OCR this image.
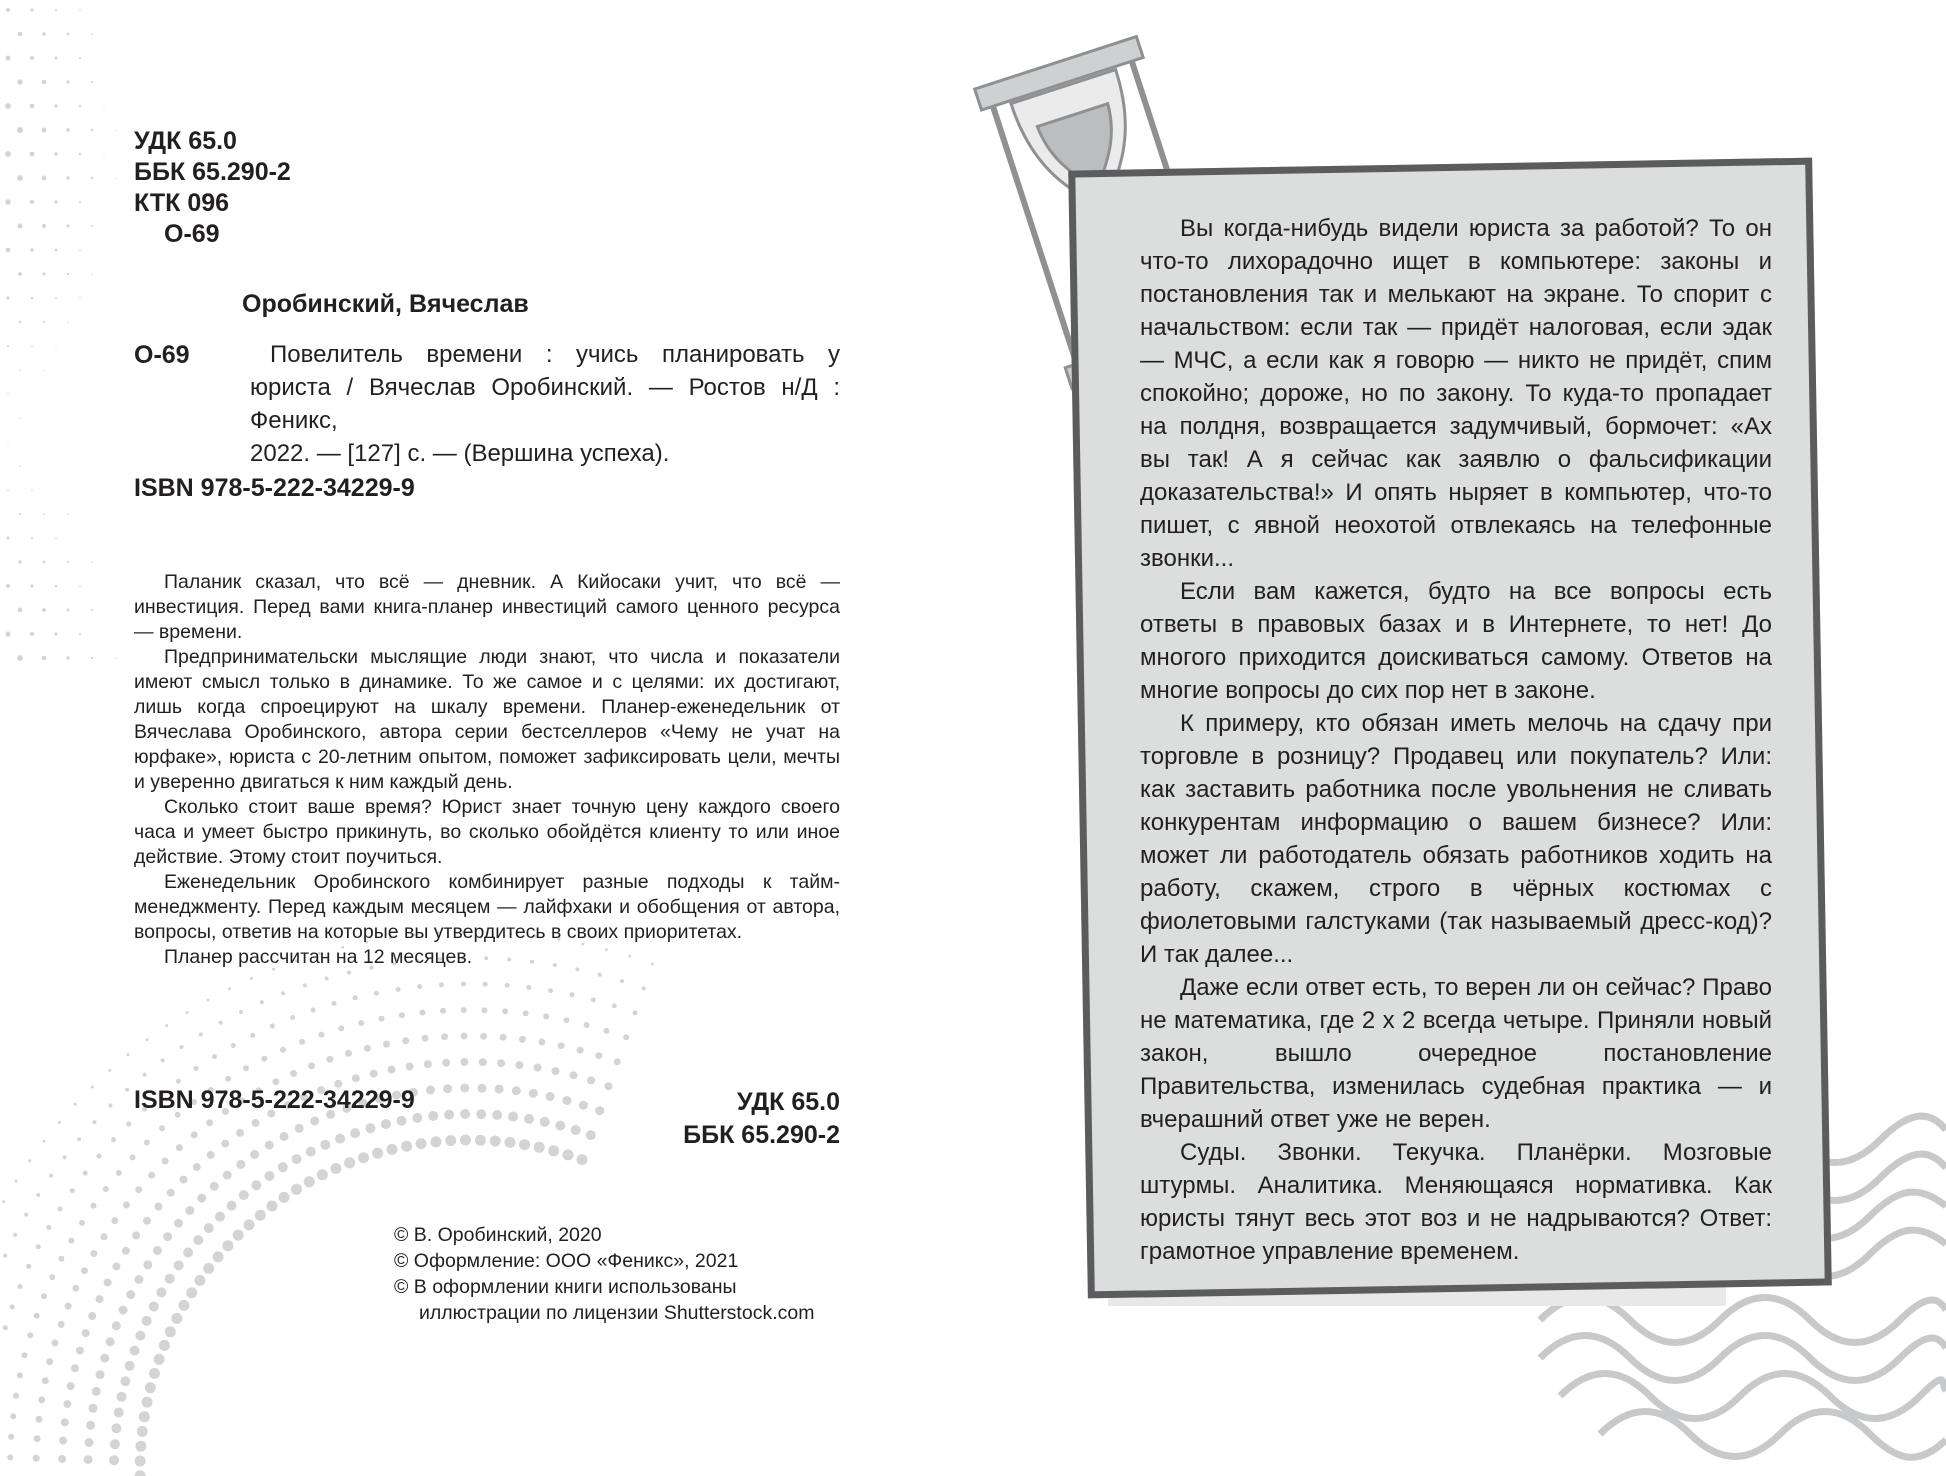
УДК 65.0
ББК 65.290-2
КТК 096
О-69
Оробинский, Вячеслав
О-69	Повелитель времени : учись планировать у юриста / Вячеслав Оробинский. — Ростов н/Д : Феникс,

2022. — [127] с. — (Вершина успеха).

ISBN 978-5-222-34229-9

Паланик сказал, что всё — дневник. А Кийосаки учит, что всё — инвестиция. Перед вами книга-планер инвестиций самого ценного ресурса — времени.

Предпринимательски мыслящие люди знают, что числа и показатели имеют смысл только в динамике. То же самое и с целями: их достигают, лишь когда спроецируют на шкалу времени. Планер-еженедельник от Вячеслава Оробинского, автора серии бестселлеров «Чему не учат на юрфаке», юриста с 20-летним опытом, поможет зафиксировать цели, мечты и уверенно двигаться к ним каждый день.

Сколько стоит ваше время? Юрист знает точную цену каждого своего часа и умеет быстро прикинуть, во сколько обойдётся клиенту то или иное действие. Этому стоит поучиться.

Еженедельник Оробинского комбинирует разные подходы к тайм-менеджменту. Перед каждым месяцем — лайфхаки и обобщения от автора, вопросы, ответив на которые вы утвердитесь в своих приоритетах.

Планер рассчитан на 12 месяцев.

ISBN 978-5-222-34229-9	УДК 65.0
ББК 65.290-2
© В. Оробинский, 2020
© Оформление: ООО «Феникс», 2021
© В оформлении книги использованы
иллюстрации по лицензии Shutterstock.com

Вы когда-нибудь видели юриста за работой? То он что-то лихорадочно ищет в компьютере: законы и постановления так и мелькают на экране. То спорит с начальством: если так — придёт налоговая, если эдак — МЧС, а если как я говорю — никто не придёт, спим спокойно; дороже, но по закону. То куда-то пропадает на полдня, возвращается задумчивый, бормочет: «Ах вы так! А я сейчас как заявлю о фальсификации доказательства!» И опять ныряет в компьютер, что-то пишет, с явной неохотой отвлекаясь на телефонные звонки...

Если вам кажется, будто на все вопросы есть ответы в правовых базах и в Интернете, то нет! До многого приходится доискиваться самому. Ответов на многие вопросы до сих пор нет в законе.

К примеру, кто обязан иметь мелочь на сдачу при торговле в розницу? Продавец или покупатель? Или: как заставить работника после увольнения не сливать конкурентам информацию о вашем бизнесе? Или: может ли работодатель обязать работников ходить на работу, скажем, строго в чёрных костюмах с фиолетовыми галстуками (так называемый дресс-код)? И так далее...

Даже если ответ есть, то верен ли он сейчас? Право не математика, где 2 х 2 всегда четыре. Приняли новый закон, вышло очередное постановление Правительства, изменилась судебная практика — и вчерашний ответ уже не верен.

Суды. Звонки. Текучка. Планёрки. Мозговые штурмы. Аналитика. Меняющаяся нормативка. Как юристы тянут весь этот воз и не надрываются? Ответ: грамотное управление временем.
